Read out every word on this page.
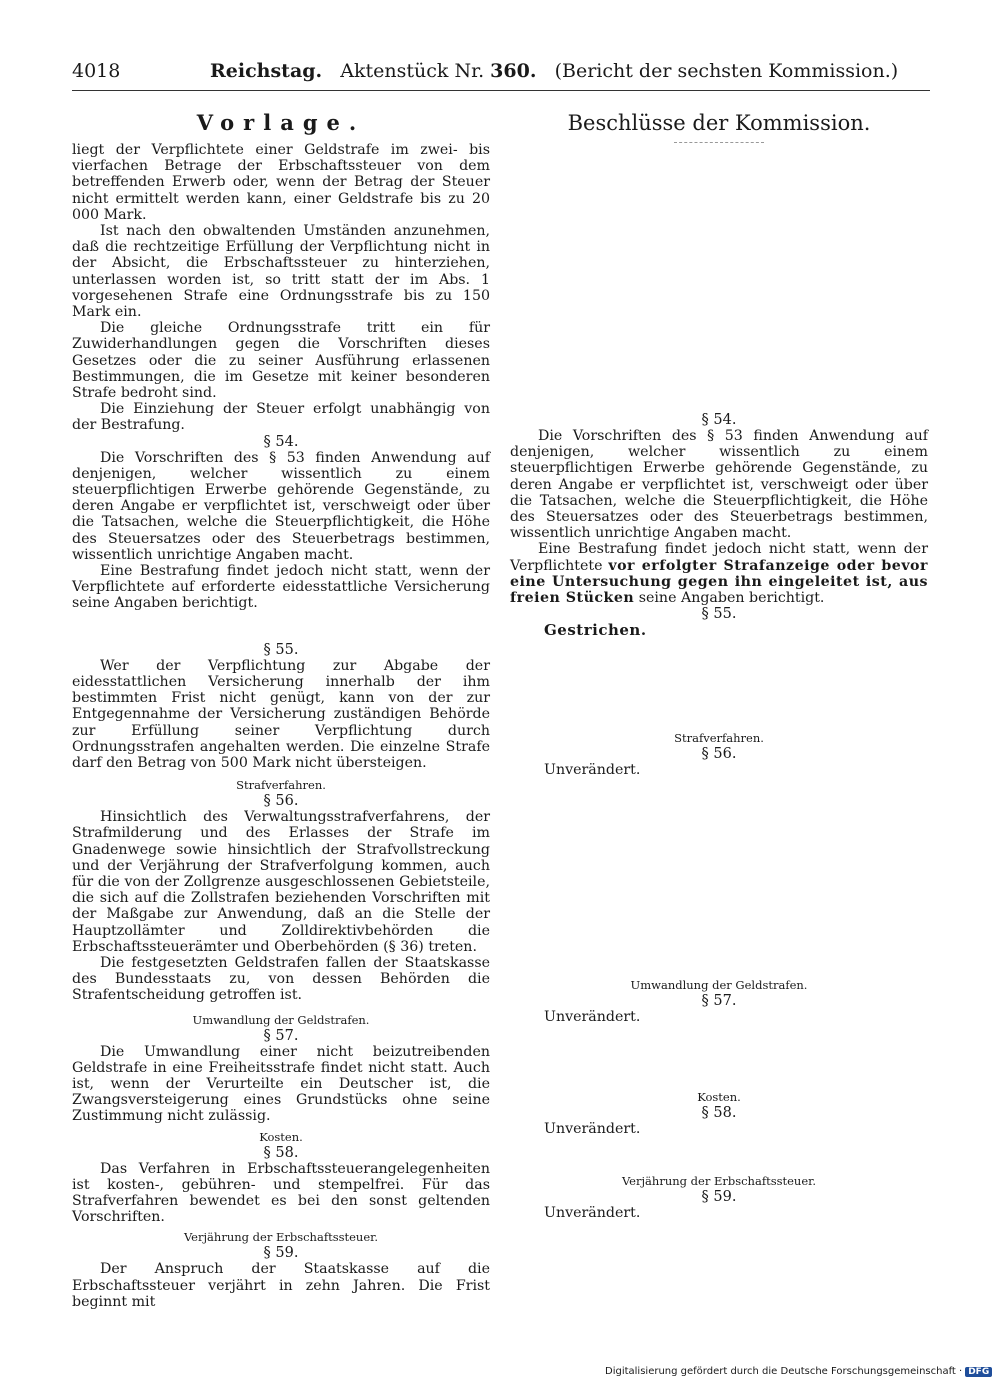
4018	Reichstag. Aktenstück Nr. 360. (Bericht der sechsten Kommission.)
Vorlage.

liegt der Verpflichtete einer Geldstrafe im zwei- bis vierfachen Betrage der Erbschaftssteuer von dem betreffenden Erwerb oder, wenn der Betrag der Steuer nicht ermittelt werden kann, einer Geldstrafe bis zu 20 000 Mark.

Ist nach den obwaltenden Umständen anzunehmen, daß die rechtzeitige Erfüllung der Verpflichtung nicht in der Absicht, die Erbschaftssteuer zu hinterziehen, unterlassen worden ist, so tritt statt der im Abs. 1 vorgesehenen Strafe eine Ordnungsstrafe bis zu 150 Mark ein.

Die gleiche Ordnungsstrafe tritt ein für Zuwiderhandlungen gegen die Vorschriften dieses Gesetzes oder die zu seiner Ausführung erlassenen Bestimmungen, die im Gesetze mit keiner besonderen Strafe bedroht sind.

Die Einziehung der Steuer erfolgt unabhängig von der Bestrafung.

§ 54.

Die Vorschriften des § 53 finden Anwendung auf denjenigen, welcher wissentlich zu einem steuerpflichtigen Erwerbe gehörende Gegenstände, zu deren Angabe er verpflichtet ist, verschweigt oder über die Tatsachen, welche die Steuerpflichtigkeit, die Höhe des Steuersatzes oder des Steuerbetrags bestimmen, wissentlich unrichtige Angaben macht.

Eine Bestrafung findet jedoch nicht statt, wenn der Verpflichtete auf erforderte eidesstattliche Versicherung seine Angaben berichtigt.

§ 55.

Wer der Verpflichtung zur Abgabe der eidesstattlichen Versicherung innerhalb der ihm bestimmten Frist nicht genügt, kann von der zur Entgegennahme der Versicherung zuständigen Behörde zur Erfüllung seiner Verpflichtung durch Ordnungsstrafen angehalten werden. Die einzelne Strafe darf den Betrag von 500 Mark nicht übersteigen.

Strafverfahren.

§ 56.

Hinsichtlich des Verwaltungsstrafverfahrens, der Strafmilderung und des Erlasses der Strafe im Gnadenwege sowie hinsichtlich der Strafvollstreckung und der Verjährung der Strafverfolgung kommen, auch für die von der Zollgrenze ausgeschlossenen Gebietsteile, die sich auf die Zollstrafen beziehenden Vorschriften mit der Maßgabe zur Anwendung, daß an die Stelle der Hauptzollämter und Zolldirektivbehörden die Erbschaftssteuerämter und Oberbehörden (§ 36) treten.

Die festgesetzten Geldstrafen fallen der Staatskasse des Bundesstaats zu, von dessen Behörden die Strafentscheidung getroffen ist.

Umwandlung der Geldstrafen.

§ 57.

Die Umwandlung einer nicht beizutreibenden Geldstrafe in eine Freiheitsstrafe findet nicht statt. Auch ist, wenn der Verurteilte ein Deutscher ist, die Zwangsversteigerung eines Grundstücks ohne seine Zustimmung nicht zulässig.

Kosten.

§ 58.

Das Verfahren in Erbschaftssteuerangelegenheiten ist kosten-, gebühren- und stempelfrei. Für das Strafverfahren bewendet es bei den sonst geltenden Vorschriften.

Verjährung der Erbschaftssteuer.

§ 59.

Der Anspruch der Staatskasse auf die Erbschaftssteuer verjährt in zehn Jahren. Die Frist beginnt mit

Beschlüsse der Kommission.

§ 54.

Die Vorschriften des § 53 finden Anwendung auf denjenigen, welcher wissentlich zu einem steuerpflichtigen Erwerbe gehörende Gegenstände, zu deren Angabe er verpflichtet ist, verschweigt oder über die Tatsachen, welche die Steuerpflichtigkeit, die Höhe des Steuersatzes oder des Steuerbetrags bestimmen, wissentlich unrichtige Angaben macht.

Eine Bestrafung findet jedoch nicht statt, wenn der Verpflichtete vor erfolgter Strafanzeige oder bevor eine Untersuchung gegen ihn eingeleitet ist, aus freien Stücken seine Angaben berichtigt.

§ 55.

Gestrichen.

Strafverfahren.

§ 56.

Unverändert.

Umwandlung der Geldstrafen.

§ 57.

Unverändert.

Kosten.

§ 58.

Unverändert.

Verjährung der Erbschaftssteuer.

§ 59.

Unverändert.
Digitalisierung gefördert durch die Deutsche Forschungsgemeinschaft · DFG
